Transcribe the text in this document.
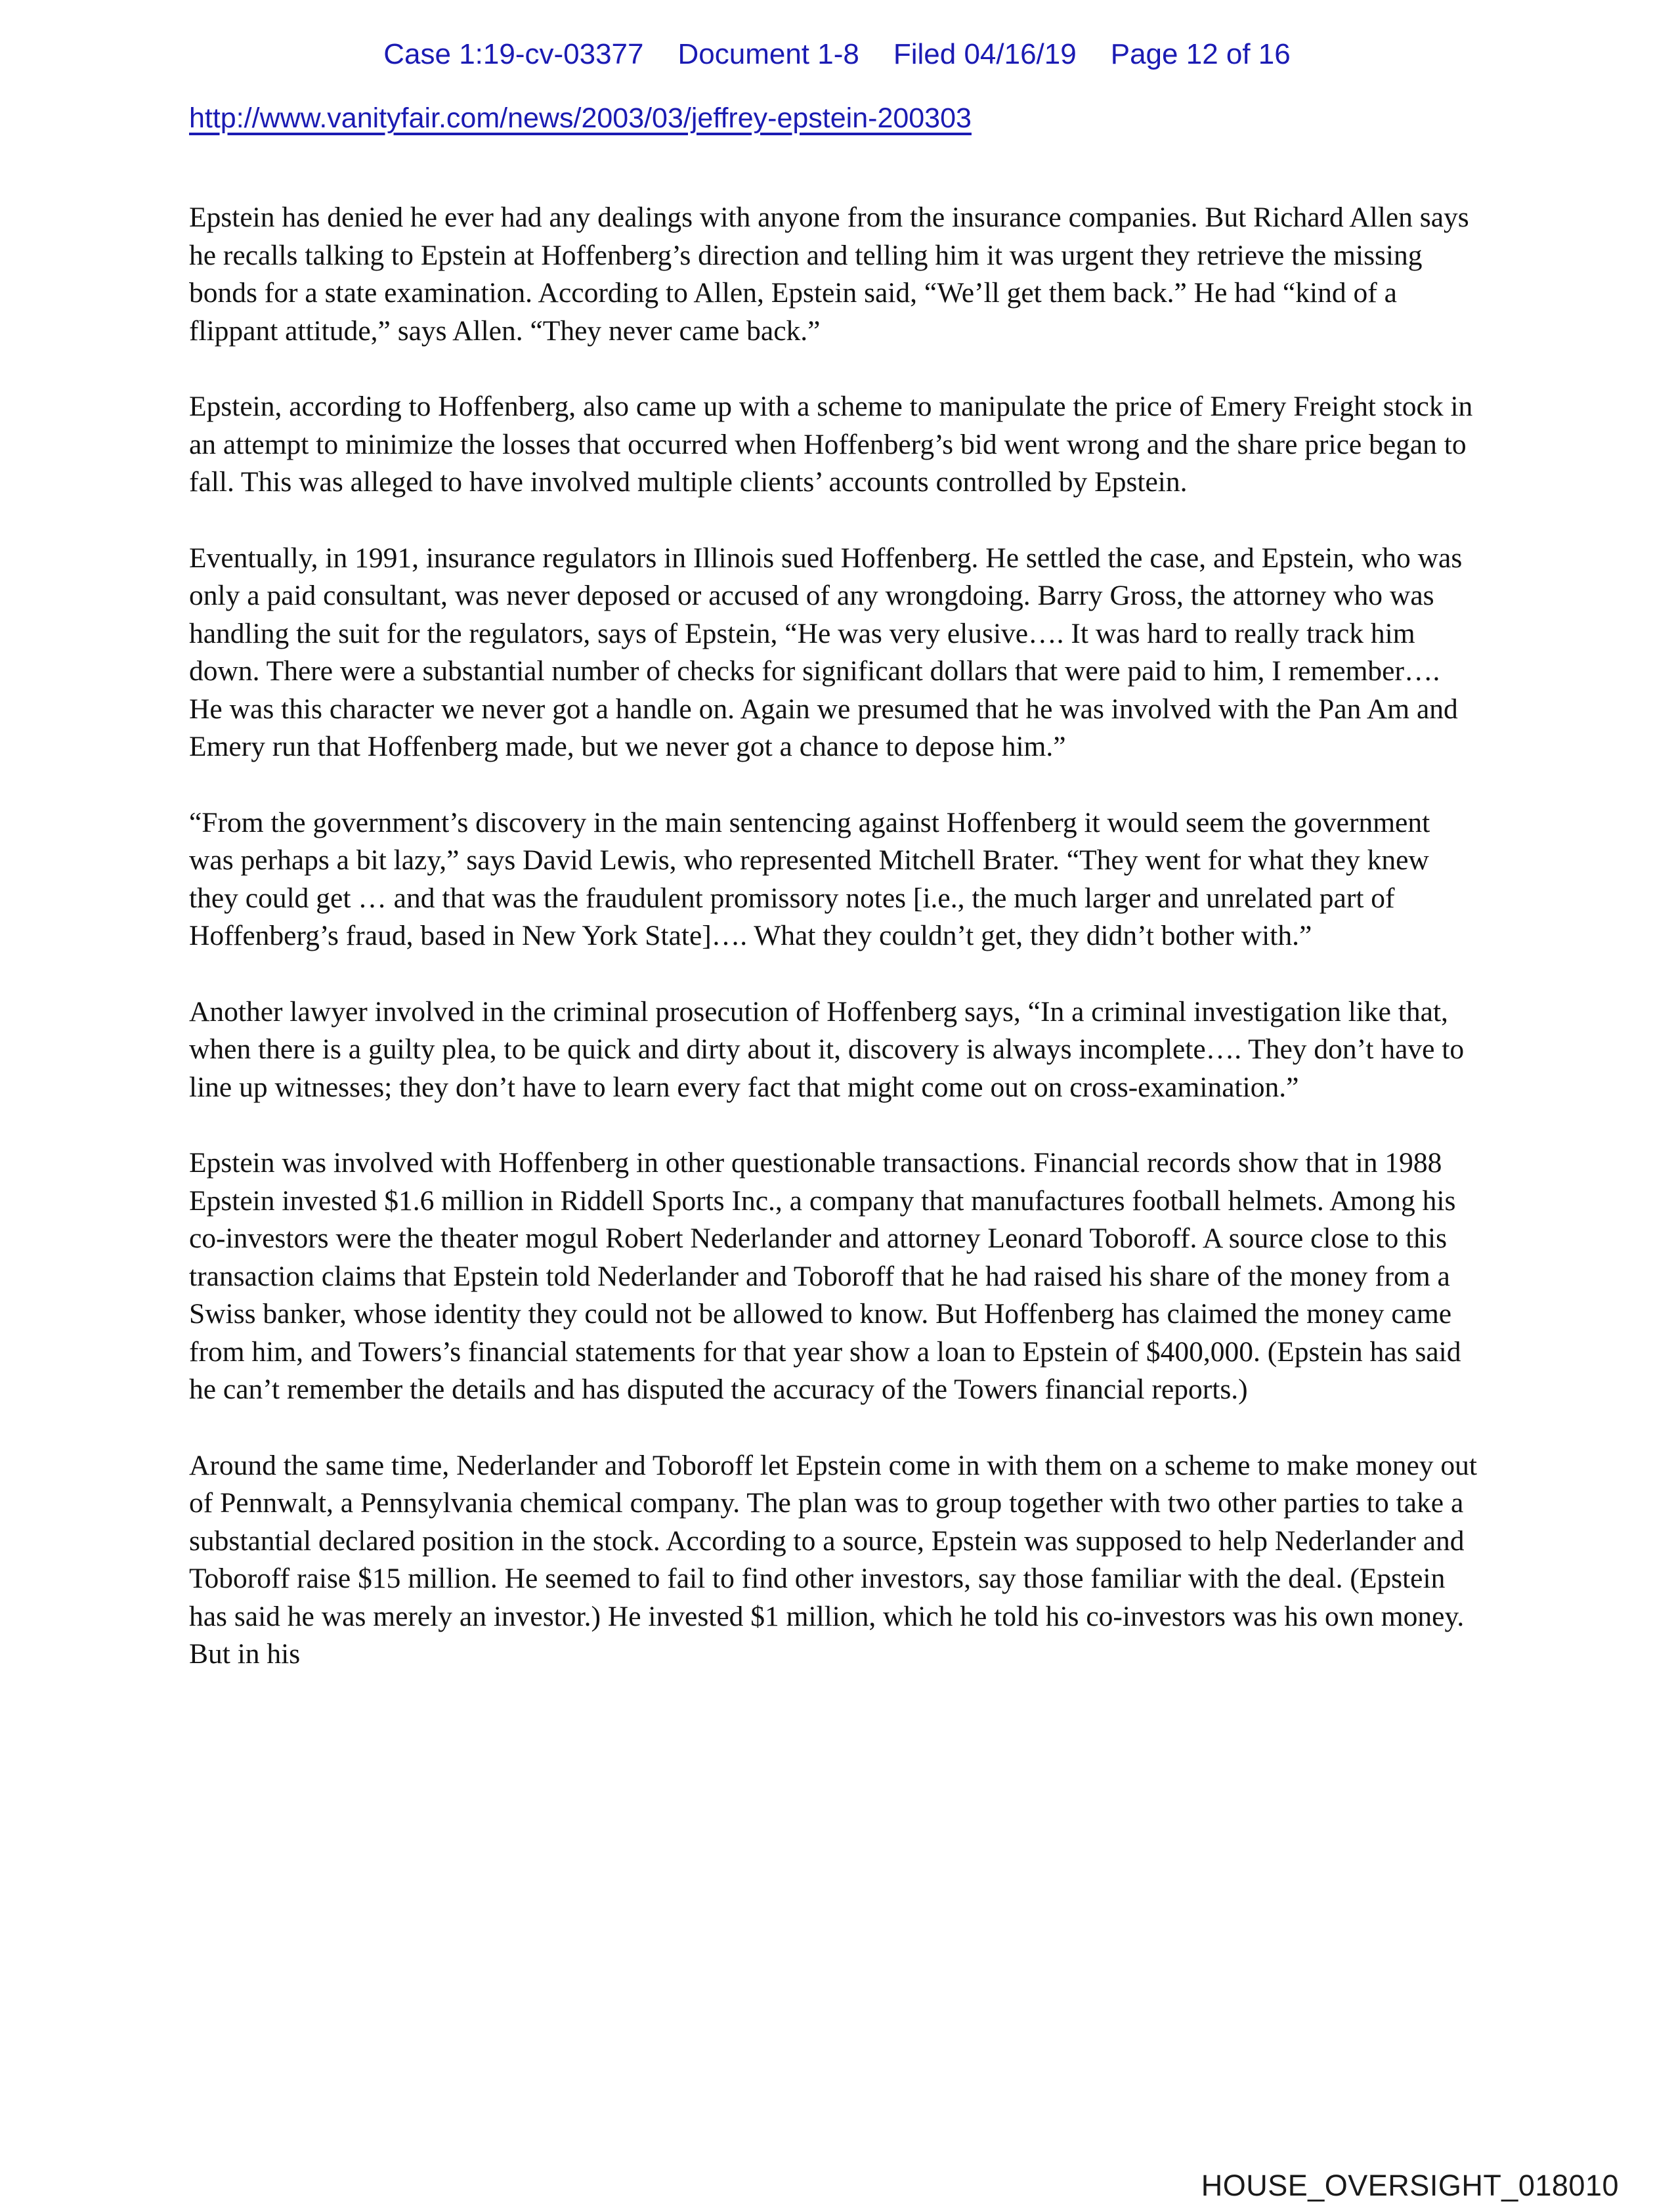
Case 1:19-cv-03377 Document 1-8 Filed 04/16/19 Page 12 of 16
http://www.vanityfair.com/news/2003/03/jeffrey-epstein-200303

Epstein has denied he ever had any dealings with anyone from the insurance companies. But Richard Allen says he recalls talking to Epstein at Hoffenberg’s direction and telling him it was urgent they retrieve the missing bonds for a state examination. According to Allen, Epstein said, “We’ll get them back.” He had “kind of a flippant attitude,” says Allen. “They never came back.”

Epstein, according to Hoffenberg, also came up with a scheme to manipulate the price of Emery Freight stock in an attempt to minimize the losses that occurred when Hoffenberg’s bid went wrong and the share price began to fall. This was alleged to have involved multiple clients’ accounts controlled by Epstein.

Eventually, in 1991, insurance regulators in Illinois sued Hoffenberg. He settled the case, and Epstein, who was only a paid consultant, was never deposed or accused of any wrongdoing. Barry Gross, the attorney who was handling the suit for the regulators, says of Epstein, “He was very elusive…. It was hard to really track him down. There were a substantial number of checks for significant dollars that were paid to him, I remember…. He was this character we never got a handle on. Again we presumed that he was involved with the Pan Am and Emery run that Hoffenberg made, but we never got a chance to depose him.”

“From the government’s discovery in the main sentencing against Hoffenberg it would seem the government was perhaps a bit lazy,” says David Lewis, who represented Mitchell Brater. “They went for what they knew they could get … and that was the fraudulent promissory notes [i.e., the much larger and unrelated part of Hoffenberg’s fraud, based in New York State]…. What they couldn’t get, they didn’t bother with.”

Another lawyer involved in the criminal prosecution of Hoffenberg says, “In a criminal investigation like that, when there is a guilty plea, to be quick and dirty about it, discovery is always incomplete…. They don’t have to line up witnesses; they don’t have to learn every fact that might come out on cross-examination.”

Epstein was involved with Hoffenberg in other questionable transactions. Financial records show that in 1988 Epstein invested $1.6 million in Riddell Sports Inc., a company that manufactures football helmets. Among his co-investors were the theater mogul Robert Nederlander and attorney Leonard Toboroff. A source close to this transaction claims that Epstein told Nederlander and Toboroff that he had raised his share of the money from a Swiss banker, whose identity they could not be allowed to know. But Hoffenberg has claimed the money came from him, and Towers’s financial statements for that year show a loan to Epstein of $400,000. (Epstein has said he can’t remember the details and has disputed the accuracy of the Towers financial reports.)

Around the same time, Nederlander and Toboroff let Epstein come in with them on a scheme to make money out of Pennwalt, a Pennsylvania chemical company. The plan was to group together with two other parties to take a substantial declared position in the stock. According to a source, Epstein was supposed to help Nederlander and Toboroff raise $15 million. He seemed to fail to find other investors, say those familiar with the deal. (Epstein has said he was merely an investor.) He invested $1 million, which he told his co-investors was his own money. But in his

HOUSE_OVERSIGHT_018010
